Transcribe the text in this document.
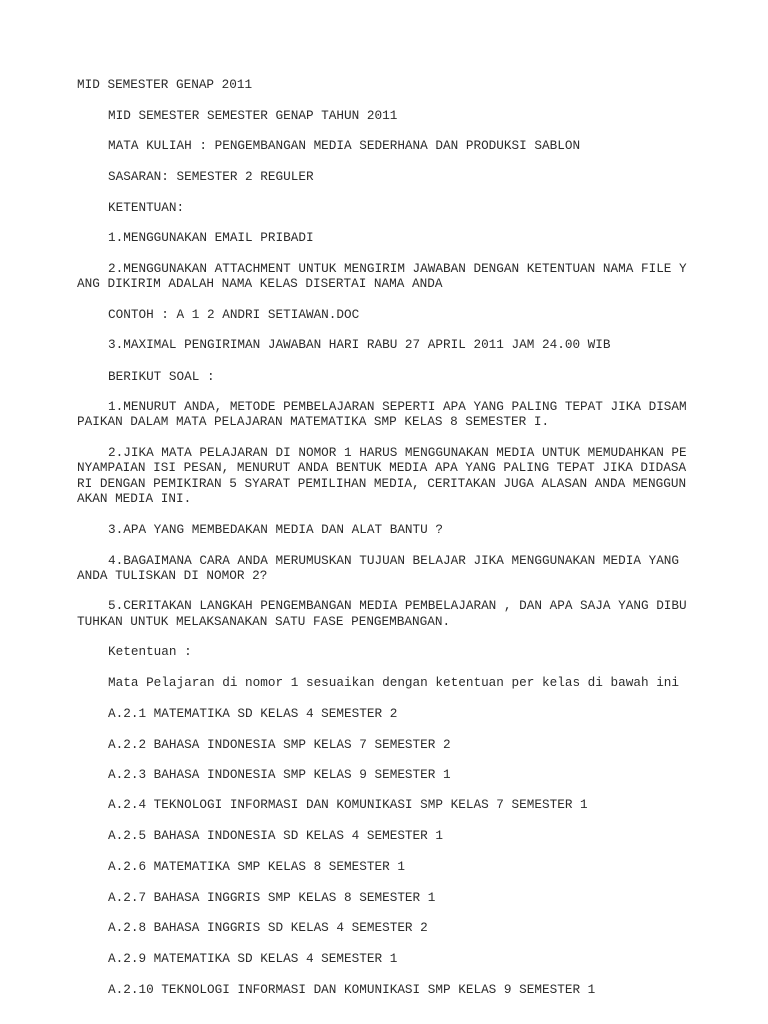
MID SEMESTER GENAP 2011

MID SEMESTER SEMESTER GENAP TAHUN 2011

MATA KULIAH : PENGEMBANGAN MEDIA SEDERHANA DAN PRODUKSI SABLON

SASARAN: SEMESTER 2 REGULER

KETENTUAN:

1.MENGGUNAKAN EMAIL PRIBADI

2.MENGGUNAKAN ATTACHMENT UNTUK MENGIRIM JAWABAN DENGAN KETENTUAN NAMA FILE Y

ANG DIKIRIM ADALAH NAMA KELAS DISERTAI NAMA ANDA

CONTOH : A 1 2 ANDRI SETIAWAN.DOC

3.MAXIMAL PENGIRIMAN JAWABAN HARI RABU 27 APRIL 2011 JAM 24.00 WIB

BERIKUT SOAL :

1.MENURUT ANDA, METODE PEMBELAJARAN SEPERTI APA YANG PALING TEPAT JIKA DISAM

PAIKAN DALAM MATA PELAJARAN MATEMATIKA SMP KELAS 8 SEMESTER I.

2.JIKA MATA PELAJARAN DI NOMOR 1 HARUS MENGGUNAKAN MEDIA UNTUK MEMUDAHKAN PE

NYAMPAIAN ISI PESAN, MENURUT ANDA BENTUK MEDIA APA YANG PALING TEPAT JIKA DIDASA

RI DENGAN PEMIKIRAN 5 SYARAT PEMILIHAN MEDIA, CERITAKAN JUGA ALASAN ANDA MENGGUN

AKAN MEDIA INI.

3.APA YANG MEMBEDAKAN MEDIA DAN ALAT BANTU ?

4.BAGAIMANA CARA ANDA MERUMUSKAN TUJUAN BELAJAR JIKA MENGGUNAKAN MEDIA YANG

ANDA TULISKAN DI NOMOR 2?

5.CERITAKAN LANGKAH PENGEMBANGAN MEDIA PEMBELAJARAN , DAN APA SAJA YANG DIBU

TUHKAN UNTUK MELAKSANAKAN SATU FASE PENGEMBANGAN.

Ketentuan :

Mata Pelajaran di nomor 1 sesuaikan dengan ketentuan per kelas di bawah ini

A.2.1 MATEMATIKA SD KELAS 4 SEMESTER 2

A.2.2 BAHASA INDONESIA SMP KELAS 7 SEMESTER 2

A.2.3 BAHASA INDONESIA SMP KELAS 9 SEMESTER 1

A.2.4 TEKNOLOGI INFORMASI DAN KOMUNIKASI SMP KELAS 7 SEMESTER 1

A.2.5 BAHASA INDONESIA SD KELAS 4 SEMESTER 1

A.2.6 MATEMATIKA SMP KELAS 8 SEMESTER 1

A.2.7 BAHASA INGGRIS SMP KELAS 8 SEMESTER 1

A.2.8 BAHASA INGGRIS SD KELAS 4 SEMESTER 2

A.2.9 MATEMATIKA SD KELAS 4 SEMESTER 1

A.2.10 TEKNOLOGI INFORMASI DAN KOMUNIKASI SMP KELAS 9 SEMESTER 1
